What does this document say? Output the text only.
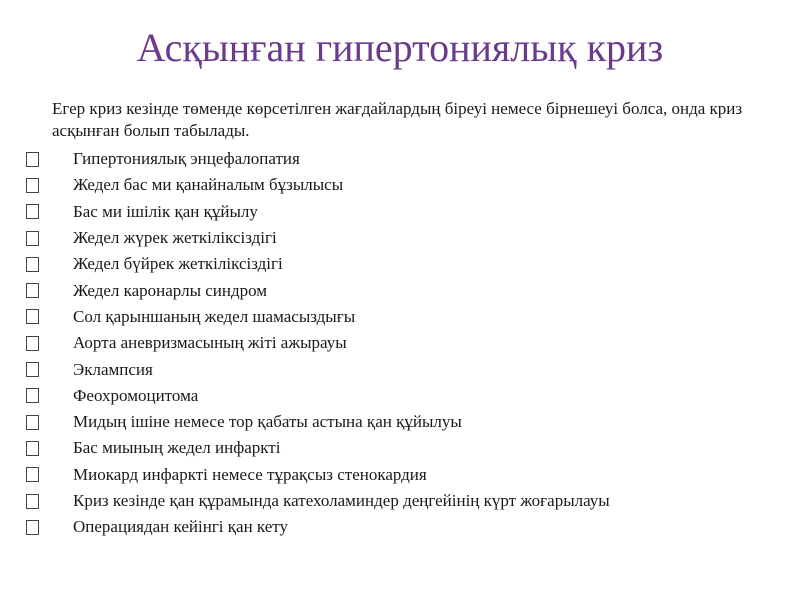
Асқынған гипертониялық криз
Егер криз кезінде төменде көрсетілген жағдайлардың біреуі немесе бірнешеуі болса, онда криз асқынған болып табылады.
Гипертониялық энцефалопатия
Жедел бас ми қанайналым бұзылысы
Бас ми ішілік қан құйылу
Жедел жүрек жеткіліксіздігі
Жедел бүйрек жеткіліксіздігі
Жедел каронарлы синдром
Сол қарыншаның жедел шамасыздығы
Аорта аневризмасының жіті ажырауы
Эклампсия
Феохромоцитома
Мидың ішіне немесе тор қабаты астына қан құйылуы
Бас миының жедел инфаркті
Миокард инфаркті немесе тұрақсыз стенокардия
Криз кезінде қан құрамында катехоламиндер деңгейінің күрт жоғарылауы
Операциядан кейінгі қан кету
